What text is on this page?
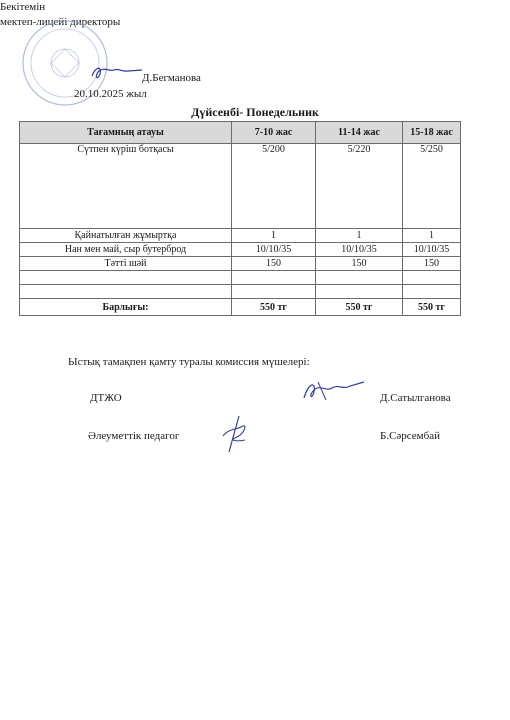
Бекітемін
мектеп-лицейі директоры
Д.Бегманова
20.10.2025 жыл
Дүйсенбі- Понедельник
Тағамның атауы	7-10 жас	11-14 жас	15-18 жас
Сүтпен күріш ботқасы	5/200	5/220	5/250
Қайнатылған жұмыртқа	1	1	1
Нан мен май, сыр бутерброд	10/10/35	10/10/35	10/10/35
Тәтті шәй	150	150	150

Барлығы:	550 тг	550 тг	550 тг
Ыстық тамақпен қамту туралы комиссия мүшелері:
ДТЖО	Д.Сатылганова
Әлеуметтік педагог	Б.Сәрсембай
